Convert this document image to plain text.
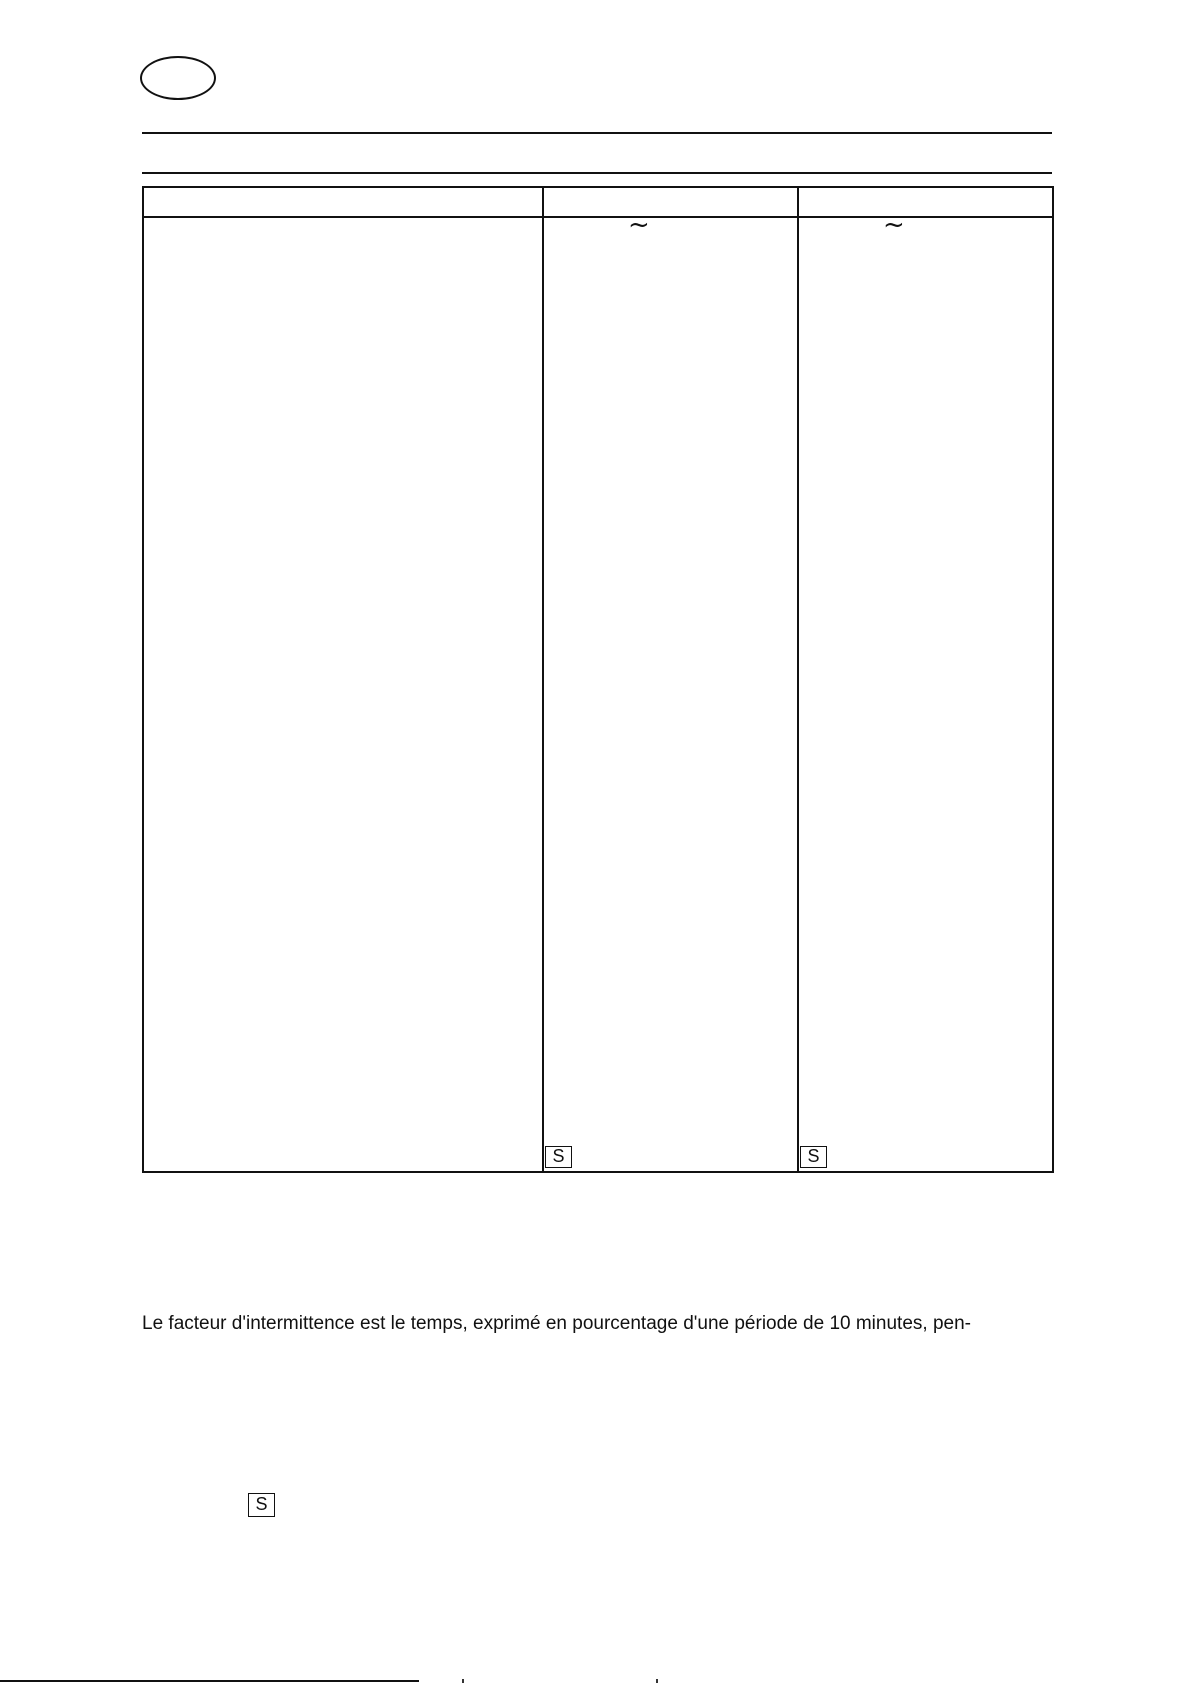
~	~
S	S
Le facteur d'intermittence est le temps, exprimé en pourcentage d'une période de 10 minutes, pen-
S
